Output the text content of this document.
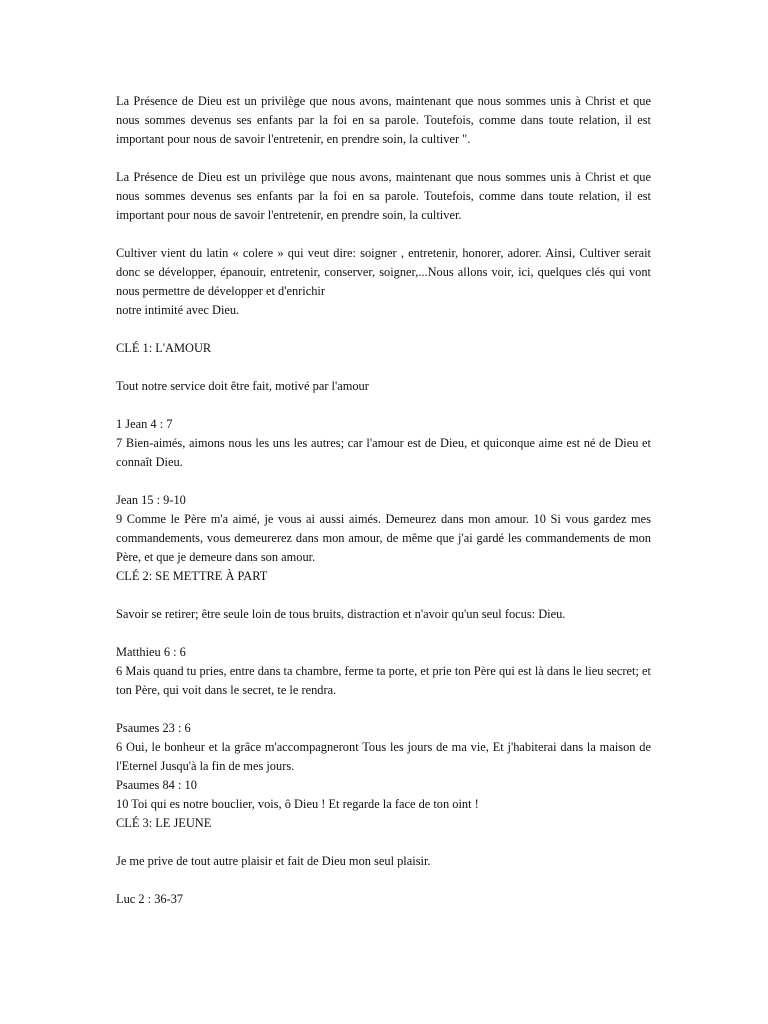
La Présence de Dieu est un privilège que nous avons, maintenant que nous sommes unis à Christ et que nous sommes devenus ses enfants par la foi en sa parole. Toutefois, comme dans toute relation, il est important pour nous de savoir l'entretenir, en prendre soin, la cultiver ".

La Présence de Dieu est un privilège que nous avons, maintenant que nous sommes unis à Christ et que nous sommes devenus ses enfants par la foi en sa parole. Toutefois, comme dans toute relation, il est important pour nous de savoir l'entretenir, en prendre soin, la cultiver.

Cultiver vient du latin « colere » qui veut dire: soigner , entretenir, honorer, adorer. Ainsi, Cultiver serait donc se développer, épanouir, entretenir, conserver, soigner,...Nous allons voir, ici, quelques clés qui vont nous permettre de développer et d'enrichir

notre intimité avec Dieu.

CLÉ 1: L'AMOUR

Tout notre service doit être fait, motivé par l'amour

1 Jean 4 : 7

7 Bien-aimés, aimons nous les uns les autres; car l'amour est de Dieu, et quiconque aime est né de Dieu et connaît Dieu.

Jean 15 : 9-10

9 Comme le Père m'a aimé, je vous ai aussi aimés. Demeurez dans mon amour. 10 Si vous gardez mes commandements, vous demeurerez dans mon amour, de même que j'ai gardé les commandements de mon Père, et que je demeure dans son amour.

CLÉ 2: SE METTRE À PART

Savoir se retirer; être seule loin de tous bruits, distraction et n'avoir qu'un seul focus: Dieu.

Matthieu 6 : 6

6 Mais quand tu pries, entre dans ta chambre, ferme ta porte, et prie ton Père qui est là dans le lieu secret; et ton Père, qui voit dans le secret, te le rendra.

Psaumes 23 : 6

6 Oui, le bonheur et la grâce m'accompagneront Tous les jours de ma vie, Et j'habiterai dans la maison de l'Eternel Jusqu'à la fin de mes jours.

Psaumes 84 : 10

10 Toi qui es notre bouclier, vois, ô Dieu ! Et regarde la face de ton oint !

CLÉ 3: LE JEUNE

Je me prive de tout autre plaisir et fait de Dieu mon seul plaisir.

Luc 2 : 36-37
